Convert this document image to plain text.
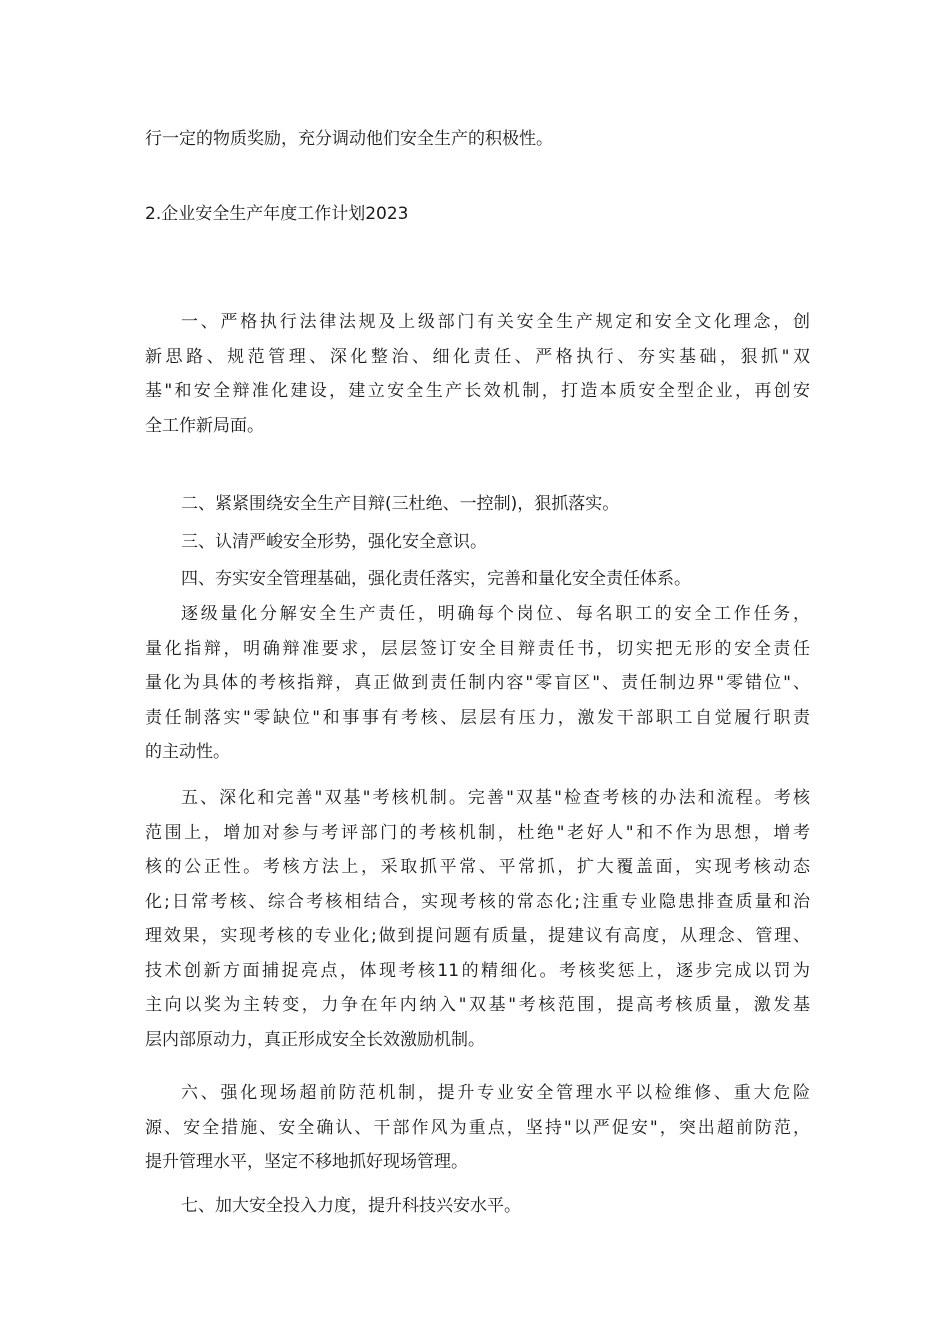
行一定的物质奖励，充分调动他们安全生产的积极性。
2.企业安全生产年度工作计划2023
一、严格执行法律法规及上级部门有关安全生产规定和安全文化理念，创
新思路、规范管理、深化整治、细化责任、严格执行、夯实基础，狠抓"双
基"和安全辩准化建设，建立安全生产长效机制，打造本质安全型企业，再创安
全工作新局面。
二、紧紧围绕安全生产目辩(三杜绝、一控制)，狠抓落实。
三、认清严峻安全形势，强化安全意识。
四、夯实安全管理基础，强化责任落实，完善和量化安全责任体系。
逐级量化分解安全生产责任，明确每个岗位、每名职工的安全工作任务，
量化指辩，明确辩准要求，层层签订安全目辩责任书，切实把无形的安全责任
量化为具体的考核指辩，真正做到责任制内容"零盲区"、责任制边界"零错位"、
责任制落实"零缺位"和事事有考核、层层有压力，激发干部职工自觉履行职责
的主动性。
五、深化和完善"双基"考核机制。完善"双基"检查考核的办法和流程。考核
范围上，增加对参与考评部门的考核机制，杜绝"老好人"和不作为思想，增考
核的公正性。考核方法上，采取抓平常、平常抓，扩大覆盖面，实现考核动态
化;日常考核、综合考核相结合，实现考核的常态化;注重专业隐患排查质量和治
理效果，实现考核的专业化;做到提问题有质量，提建议有高度，从理念、管理、
技术创新方面捕捉亮点，体现考核11的精细化。考核奖惩上，逐步完成以罚为
主向以奖为主转变，力争在年内纳入"双基"考核范围，提高考核质量，激发基
层内部原动力，真正形成安全长效激励机制。
六、强化现场超前防范机制，提升专业安全管理水平以检维修、重大危险
源、安全措施、安全确认、干部作风为重点，坚持"以严促安"，突出超前防范，
提升管理水平，坚定不移地抓好现场管理。
七、加大安全投入力度，提升科技兴安水平。
